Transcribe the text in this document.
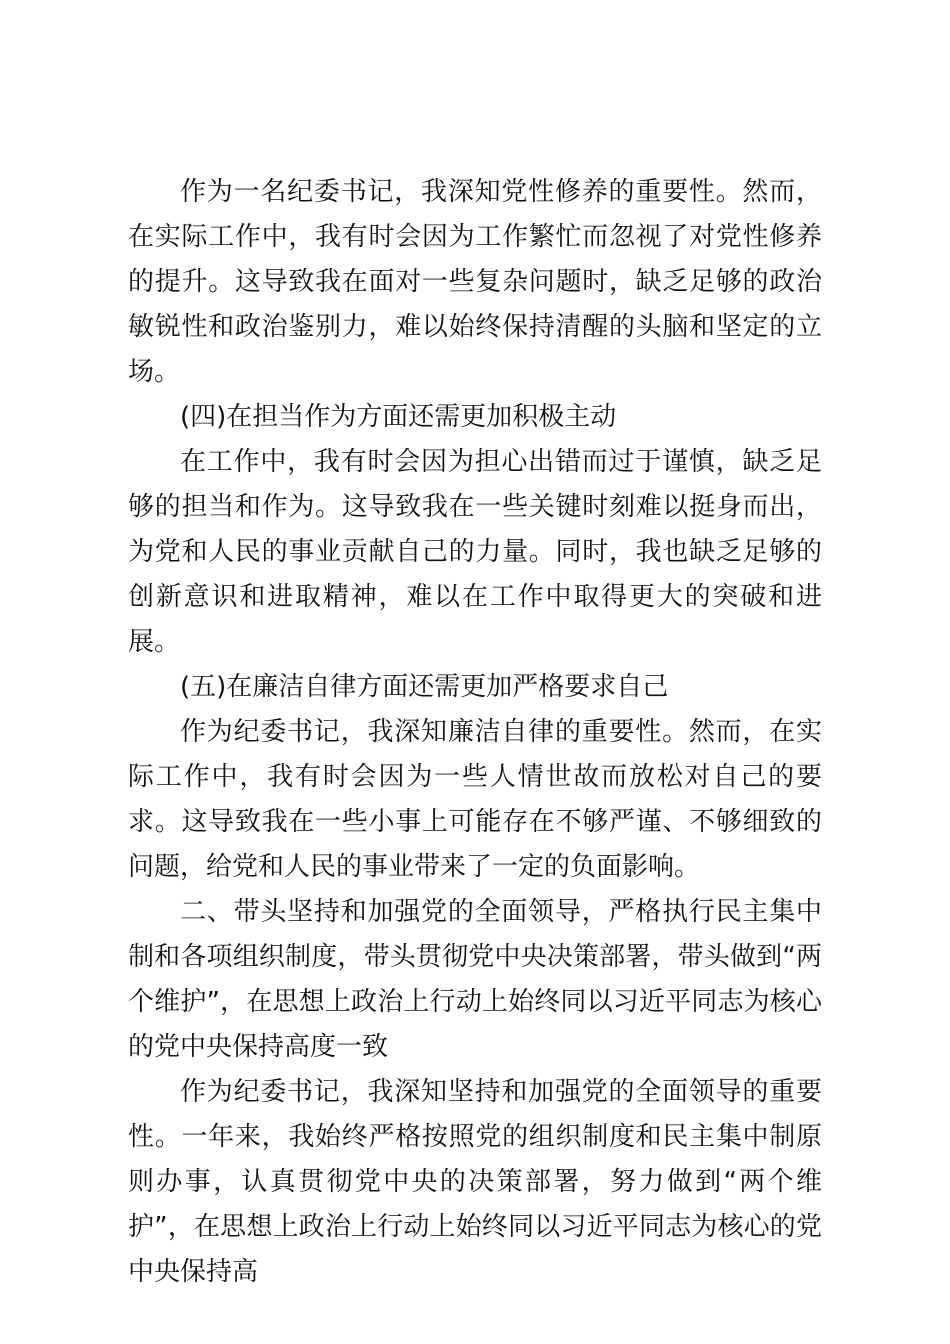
作为一名纪委书记，我深知党性修养的重要性。然而，在实际工作中，我有时会因为工作繁忙而忽视了对党性修养的提升。这导致我在面对一些复杂问题时，缺乏足够的政治敏锐性和政治鉴别力，难以始终保持清醒的头脑和坚定的立场。

(四)在担当作为方面还需更加积极主动

在工作中，我有时会因为担心出错而过于谨慎，缺乏足够的担当和作为。这导致我在一些关键时刻难以挺身而出，为党和人民的事业贡献自己的力量。同时，我也缺乏足够的创新意识和进取精神，难以在工作中取得更大的突破和进展。

(五)在廉洁自律方面还需更加严格要求自己

作为纪委书记，我深知廉洁自律的重要性。然而，在实际工作中，我有时会因为一些人情世故而放松对自己的要求。这导致我在一些小事上可能存在不够严谨、不够细致的问题，给党和人民的事业带来了一定的负面影响。

二、带头坚持和加强党的全面领导，严格执行民主集中制和各项组织制度，带头贯彻党中央决策部署，带头做到“两个维护”，在思想上政治上行动上始终同以习近平同志为核心的党中央保持高度一致

作为纪委书记，我深知坚持和加强党的全面领导的重要性。一年来，我始终严格按照党的组织制度和民主集中制原则办事，认真贯彻党中央的决策部署，努力做到“两个维护”，在思想上政治上行动上始终同以习近平同志为核心的党中央保持高
